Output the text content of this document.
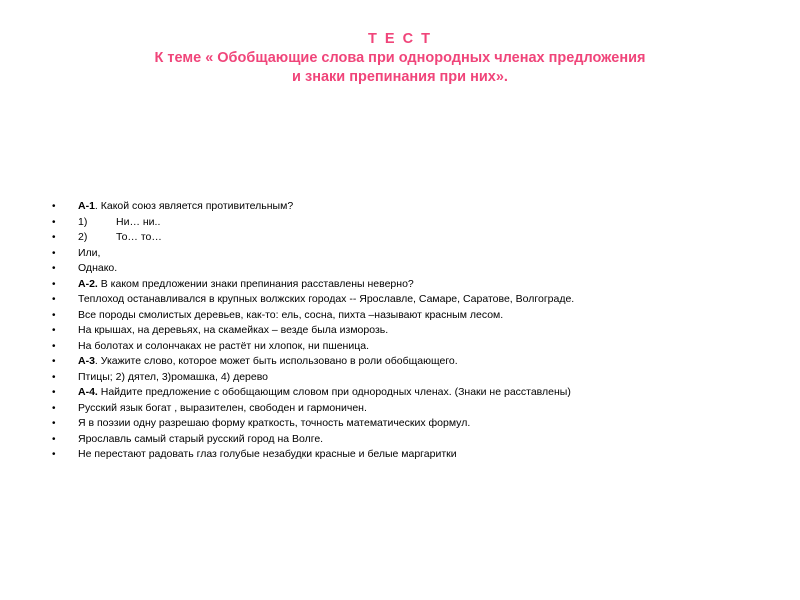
Т Е С Т
К теме « Обобщающие слова при однородных членах предложения
и знаки препинания при них».
• А-1. Какой союз является противительным?
• 1)	Ни… ни..
• 2)	То… то…
• Или,
• Однако.
• А-2. В каком предложении знаки препинания расставлены неверно?
• Теплоход останавливался в крупных волжских городах -- Ярославле, Самаре, Саратове, Волгограде.
• Все породы смолистых деревьев, как-то: ель, сосна, пихта –называют красным лесом.
• На крышах, на деревьях, на скамейках – везде была изморозь.
• На болотах и солончаках не растёт ни хлопок, ни пшеница.
• А-3. Укажите слово, которое может быть использовано в роли обобщающего.
• Птицы; 2) дятел, 3)ромашка, 4) дерево
• А-4. Найдите предложение с обобщающим словом при однородных членах. (Знаки не расставлены)
• Русский язык богат , выразителен, свободен и гармоничен.
• Я в поэзии одну разрешаю форму краткость, точность математических формул.
• Ярославль самый старый русский город на Волге.
• Не перестают радовать глаз голубые незабудки красные и белые маргаритки
